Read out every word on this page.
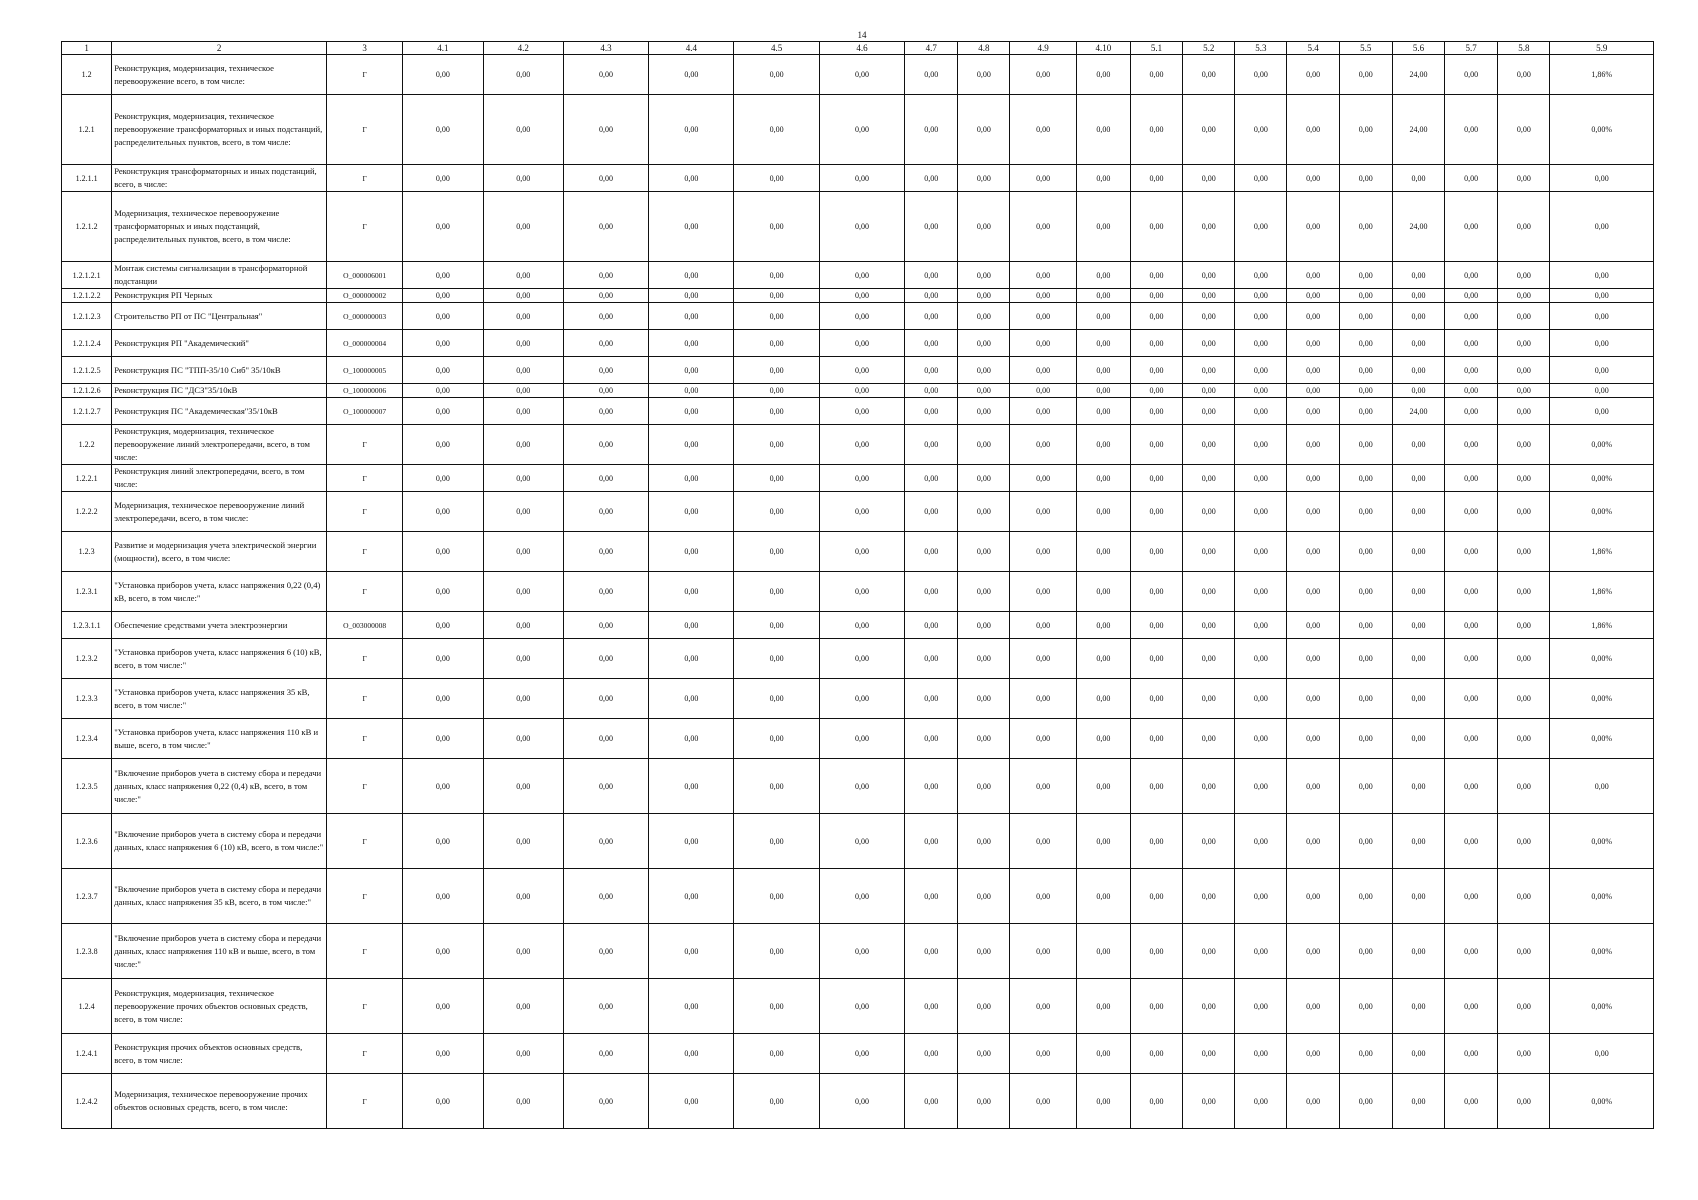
14
1	2	3	4.1	4.2	4.3	4.4	4.5	4.6	4.7	4.8	4.9	4.10	5.1	5.2	5.3	5.4	5.5	5.6	5.7	5.8	5.9
1.2	Реконструкция, модернизация, техническое перевооружение всего, в том числе:	Г	0,00	0,00	0,00	0,00	0,00	0,00	0,00	0,00	0,00	0,00	0,00	0,00	0,00	0,00	0,00	24,00	0,00	0,00	1,86%
1.2.1	Реконструкция, модернизация, техническое перевооружение трансформаторных и иных подстанций, распределительных пунктов, всего, в том числе:	Г	0,00	0,00	0,00	0,00	0,00	0,00	0,00	0,00	0,00	0,00	0,00	0,00	0,00	0,00	0,00	24,00	0,00	0,00	0,00%
1.2.1.1	Реконструкция трансформаторных и иных подстанций, всего, в числе:	Г	0,00	0,00	0,00	0,00	0,00	0,00	0,00	0,00	0,00	0,00	0,00	0,00	0,00	0,00	0,00	0,00	0,00	0,00	0,00
1.2.1.2	Модернизация, техническое перевооружение трансформаторных и иных подстанций, распределительных пунктов, всего, в том числе:	Г	0,00	0,00	0,00	0,00	0,00	0,00	0,00	0,00	0,00	0,00	0,00	0,00	0,00	0,00	0,00	24,00	0,00	0,00	0,00
1.2.1.2.1	Монтаж системы сигнализации в трансформаторной подстанции	О_000006001	0,00	0,00	0,00	0,00	0,00	0,00	0,00	0,00	0,00	0,00	0,00	0,00	0,00	0,00	0,00	0,00	0,00	0,00	0,00
1.2.1.2.2	Реконструкция РП Черных	О_000000002	0,00	0,00	0,00	0,00	0,00	0,00	0,00	0,00	0,00	0,00	0,00	0,00	0,00	0,00	0,00	0,00	0,00	0,00	0,00
1.2.1.2.3	Строительство РП от ПС "Центральная"	О_000000003	0,00	0,00	0,00	0,00	0,00	0,00	0,00	0,00	0,00	0,00	0,00	0,00	0,00	0,00	0,00	0,00	0,00	0,00	0,00
1.2.1.2.4	Реконструкция РП "Академический"	О_000000004	0,00	0,00	0,00	0,00	0,00	0,00	0,00	0,00	0,00	0,00	0,00	0,00	0,00	0,00	0,00	0,00	0,00	0,00	0,00
1.2.1.2.5	Реконструкция ПС "ТПП-35/10 Сиб" 35/10кВ	О_100000005	0,00	0,00	0,00	0,00	0,00	0,00	0,00	0,00	0,00	0,00	0,00	0,00	0,00	0,00	0,00	0,00	0,00	0,00	0,00
1.2.1.2.6	Реконструкция ПС "ДСЗ"35/10кВ	О_100000006	0,00	0,00	0,00	0,00	0,00	0,00	0,00	0,00	0,00	0,00	0,00	0,00	0,00	0,00	0,00	0,00	0,00	0,00	0,00
1.2.1.2.7	Реконструкция ПС "Академическая"35/10кВ	О_100000007	0,00	0,00	0,00	0,00	0,00	0,00	0,00	0,00	0,00	0,00	0,00	0,00	0,00	0,00	0,00	24,00	0,00	0,00	0,00
1.2.2	Реконструкция, модернизация, техническое перевооружение линий электропередачи, всего, в том числе:	Г	0,00	0,00	0,00	0,00	0,00	0,00	0,00	0,00	0,00	0,00	0,00	0,00	0,00	0,00	0,00	0,00	0,00	0,00	0,00%
1.2.2.1	Реконструкция линий электропередачи, всего, в том числе:	Г	0,00	0,00	0,00	0,00	0,00	0,00	0,00	0,00	0,00	0,00	0,00	0,00	0,00	0,00	0,00	0,00	0,00	0,00	0,00%
1.2.2.2	Модернизация, техническое перевооружение линий электропередачи, всего, в том числе:	Г	0,00	0,00	0,00	0,00	0,00	0,00	0,00	0,00	0,00	0,00	0,00	0,00	0,00	0,00	0,00	0,00	0,00	0,00	0,00%
1.2.3	Развитие и модернизация учета электрической энергии (мощности), всего, в том числе:	Г	0,00	0,00	0,00	0,00	0,00	0,00	0,00	0,00	0,00	0,00	0,00	0,00	0,00	0,00	0,00	0,00	0,00	0,00	1,86%
1.2.3.1	"Установка приборов учета, класс напряжения 0,22 (0,4) кВ, всего, в том числе:"	Г	0,00	0,00	0,00	0,00	0,00	0,00	0,00	0,00	0,00	0,00	0,00	0,00	0,00	0,00	0,00	0,00	0,00	0,00	1,86%
1.2.3.1.1	Обеспечение средствами учета электроэнергии	О_003000008	0,00	0,00	0,00	0,00	0,00	0,00	0,00	0,00	0,00	0,00	0,00	0,00	0,00	0,00	0,00	0,00	0,00	0,00	1,86%
1.2.3.2	"Установка приборов учета, класс напряжения 6 (10) кВ, всего, в том числе:"	Г	0,00	0,00	0,00	0,00	0,00	0,00	0,00	0,00	0,00	0,00	0,00	0,00	0,00	0,00	0,00	0,00	0,00	0,00	0,00%
1.2.3.3	"Установка приборов учета, класс напряжения 35 кВ, всего, в том числе:"	Г	0,00	0,00	0,00	0,00	0,00	0,00	0,00	0,00	0,00	0,00	0,00	0,00	0,00	0,00	0,00	0,00	0,00	0,00	0,00%
1.2.3.4	"Установка приборов учета, класс напряжения 110 кВ и выше, всего, в том числе:"	Г	0,00	0,00	0,00	0,00	0,00	0,00	0,00	0,00	0,00	0,00	0,00	0,00	0,00	0,00	0,00	0,00	0,00	0,00	0,00%
1.2.3.5	"Включение приборов учета в систему сбора и передачи данных, класс напряжения 0,22 (0,4) кВ, всего, в том числе:"	Г	0,00	0,00	0,00	0,00	0,00	0,00	0,00	0,00	0,00	0,00	0,00	0,00	0,00	0,00	0,00	0,00	0,00	0,00	0,00
1.2.3.6	"Включение приборов учета в систему сбора и передачи данных, класс напряжения 6 (10) кВ, всего, в том числе:"	Г	0,00	0,00	0,00	0,00	0,00	0,00	0,00	0,00	0,00	0,00	0,00	0,00	0,00	0,00	0,00	0,00	0,00	0,00	0,00%
1.2.3.7	"Включение приборов учета в систему сбора и передачи данных, класс напряжения 35 кВ, всего, в том числе:"	Г	0,00	0,00	0,00	0,00	0,00	0,00	0,00	0,00	0,00	0,00	0,00	0,00	0,00	0,00	0,00	0,00	0,00	0,00	0,00%
1.2.3.8	"Включение приборов учета в систему сбора и передачи данных, класс напряжения 110 кВ и выше, всего, в том числе:"	Г	0,00	0,00	0,00	0,00	0,00	0,00	0,00	0,00	0,00	0,00	0,00	0,00	0,00	0,00	0,00	0,00	0,00	0,00	0,00%
1.2.4	Реконструкция, модернизация, техническое перевооружение прочих объектов основных средств, всего, в том числе:	Г	0,00	0,00	0,00	0,00	0,00	0,00	0,00	0,00	0,00	0,00	0,00	0,00	0,00	0,00	0,00	0,00	0,00	0,00	0,00%
1.2.4.1	Реконструкция прочих объектов основных средств, всего, в том числе:	Г	0,00	0,00	0,00	0,00	0,00	0,00	0,00	0,00	0,00	0,00	0,00	0,00	0,00	0,00	0,00	0,00	0,00	0,00	0,00
1.2.4.2	Модернизация, техническое перевооружение прочих объектов основных средств, всего, в том числе:	Г	0,00	0,00	0,00	0,00	0,00	0,00	0,00	0,00	0,00	0,00	0,00	0,00	0,00	0,00	0,00	0,00	0,00	0,00	0,00%
